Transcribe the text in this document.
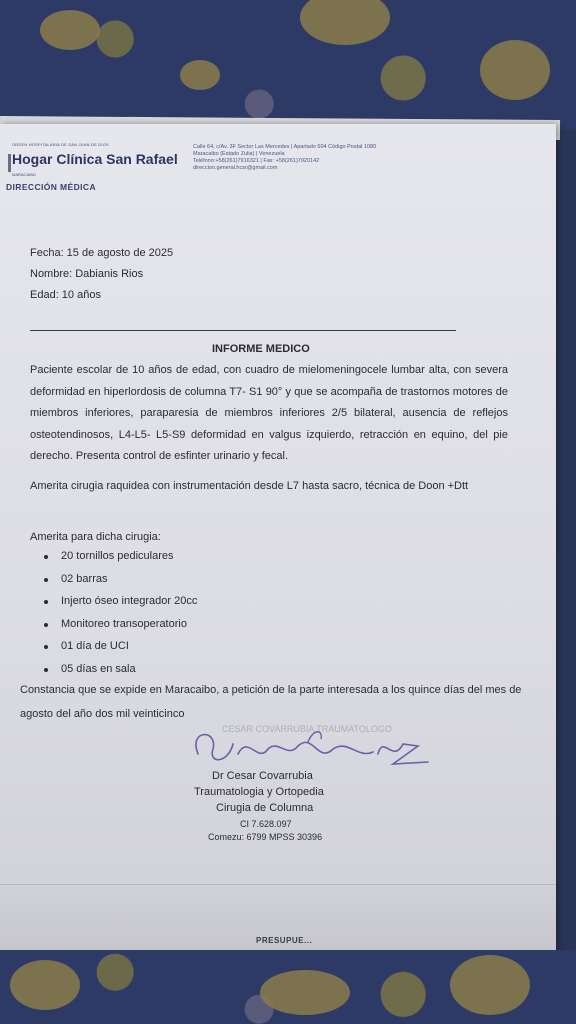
ORDEN HOSPITALARIA DE SAN JUAN DE DIOS
Hogar Clínica San Rafael
MARACAIBO
DIRECCIÓN MÉDICA
Calle 64, c/Av. 3F Sector Las Mercedes | Apartado 504 Código Postal 1080
Maracaibo (Estado Zulia) | Venezuela
Teléfono:+58(261)7916321 | Fax: +58(261)7920142
direccion.general.hcsr@gmail.com
Fecha: 15 de agosto de 2025
Nombre: Dabianis Rios
Edad: 10 años
INFORME MEDICO
Paciente escolar de 10 años de edad, con cuadro de mielomeningocele lumbar alta, con severa deformidad en hiperlordosis de columna T7- S1 90° y que se acompaña de trastornos motores de miembros inferiores, paraparesia de miembros inferiores 2/5 bilateral, ausencia de reflejos osteotendinosos, L4-L5- L5-S9 deformidad en valgus izquierdo, retracción en equino, del pie derecho. Presenta control de esfinter urinario y fecal.
Amerita cirugia raquidea con instrumentación desde L7 hasta sacro, técnica de Doon +Dtt
Amerita para dicha cirugia:
20 tornillos pediculares
02 barras
Injerto óseo integrador 20cc
Monitoreo transoperatorio
01 día de UCI
05 días en sala
Constancia que se expide en Maracaibo, a petición de la parte interesada a los quince días del mes de agosto del año dos mil veinticinco
CESAR COVARRUBIA TRAUMATOLOGO
Dr Cesar Covarrubia
Traumatologia y Ortopedia
Cirugia de Columna
CI 7.628.097
Comezu: 6799 MPSS 30396
PRESUPUE...
